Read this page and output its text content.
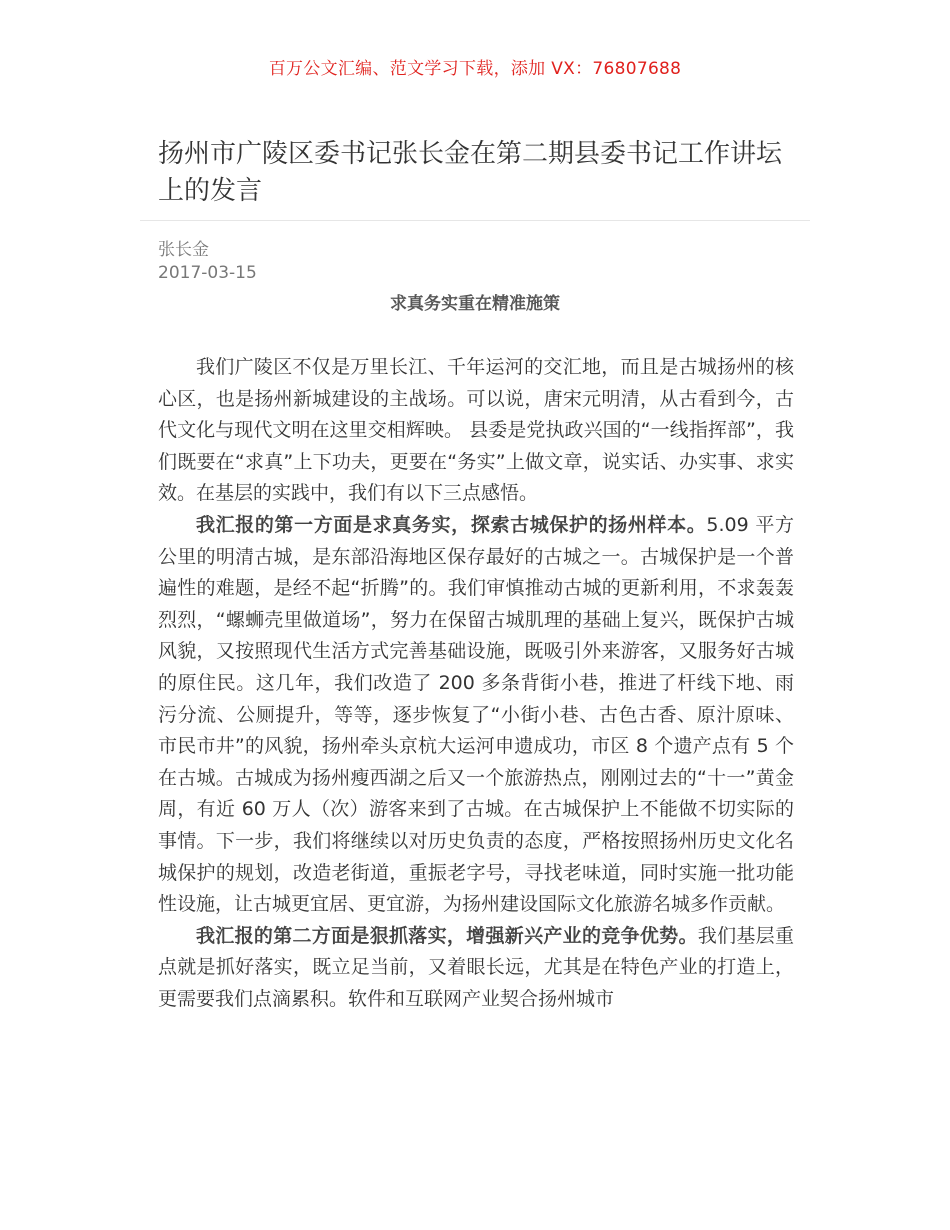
百万公文汇编、范文学习下载，添加 VX：76807688
扬州市广陵区委书记张长金在第二期县委书记工作讲坛上的发言
张长金
2017-03-15
求真务实重在精准施策

我们广陵区不仅是万里长江、千年运河的交汇地，而且是古城扬州的核心区，也是扬州新城建设的主战场。可以说，唐宋元明清，从古看到今，古代文化与现代文明在这里交相辉映。 县委是党执政兴国的“一线指挥部”，我们既要在“求真”上下功夫，更要在“务实”上做文章，说实话、办实事、求实效。在基层的实践中，我们有以下三点感悟。

我汇报的第一方面是求真务实，探索古城保护的扬州样本。5.09 平方公里的明清古城，是东部沿海地区保存最好的古城之一。古城保护是一个普遍性的难题，是经不起“折腾”的。我们审慎推动古城的更新利用，不求轰轰烈烈，“螺蛳壳里做道场”，努力在保留古城肌理的基础上复兴，既保护古城风貌，又按照现代生活方式完善基础设施，既吸引外来游客，又服务好古城的原住民。这几年，我们改造了 200 多条背街小巷，推进了杆线下地、雨污分流、公厕提升，等等，逐步恢复了“小街小巷、古色古香、原汁原味、市民市井”的风貌，扬州牵头京杭大运河申遗成功，市区 8 个遗产点有 5 个在古城。古城成为扬州瘦西湖之后又一个旅游热点，刚刚过去的“十一”黄金周，有近 60 万人（次）游客来到了古城。在古城保护上不能做不切实际的事情。下一步，我们将继续以对历史负责的态度，严格按照扬州历史文化名城保护的规划，改造老街道，重振老字号，寻找老味道，同时实施一批功能性设施，让古城更宜居、更宜游，为扬州建设国际文化旅游名城多作贡献。

我汇报的第二方面是狠抓落实，增强新兴产业的竞争优势。我们基层重点就是抓好落实，既立足当前，又着眼长远，尤其是在特色产业的打造上，更需要我们点滴累积。软件和互联网产业契合扬州城市
